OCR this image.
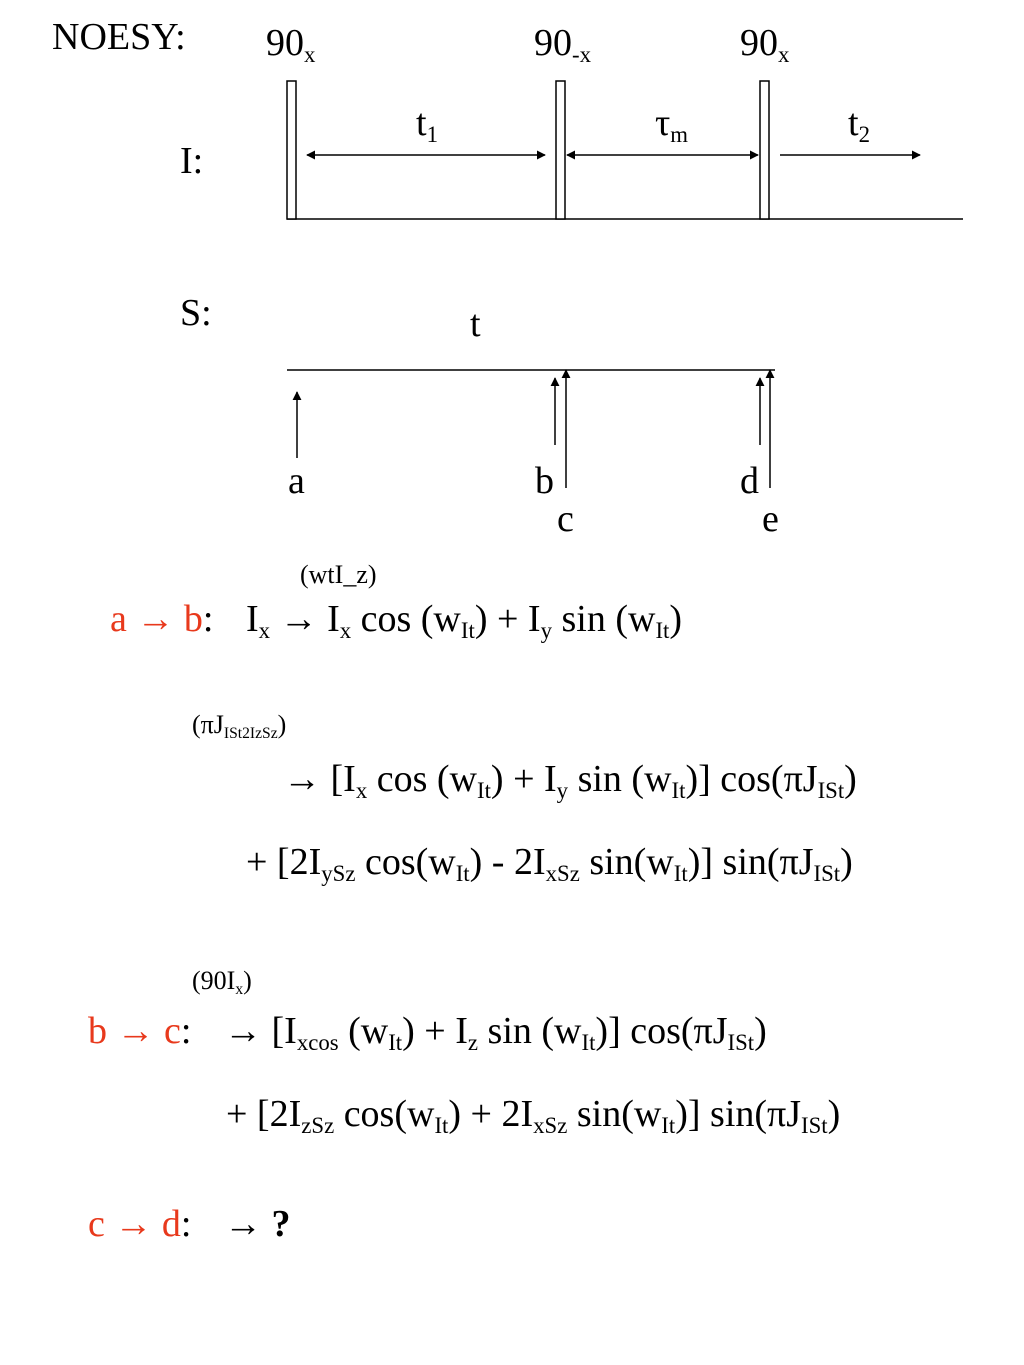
NOESY:
I:
S:
$90_x$	$90_{-x}$	$90_x$
$t_1$	$\tau_m$	$t_2$
t
a	b
c
d
e
(wtI_z)
a → b: $I_x \to I_x$ $\cos (w_{It}) + I_y$ $\sin (w_{It})$
$(\pi J_{ISt2IzSz})$
→ [$I_x$ $\cos (w_{It}) + I_y$ $\sin (w_{It})$] $\cos(\pi J_{ISt})$
+ [$2I_{ySz}$ $\cos(w_{It}) - 2I_{xSz}$ $\sin(w_{It})$] $\sin(\pi J_{ISt})$
$(90I_x)$
b → c: → [$I_{xcos}$ $(w_{It}) + I_z$ $\sin (w_{It})$] $\cos(\pi J_{ISt})$
+ [$2I_{zSz}$ $\cos(w_{It}) + 2I_{xSz}$ $\sin(w_{It})$] $\sin(\pi J_{ISt})$
c → d: → ?
